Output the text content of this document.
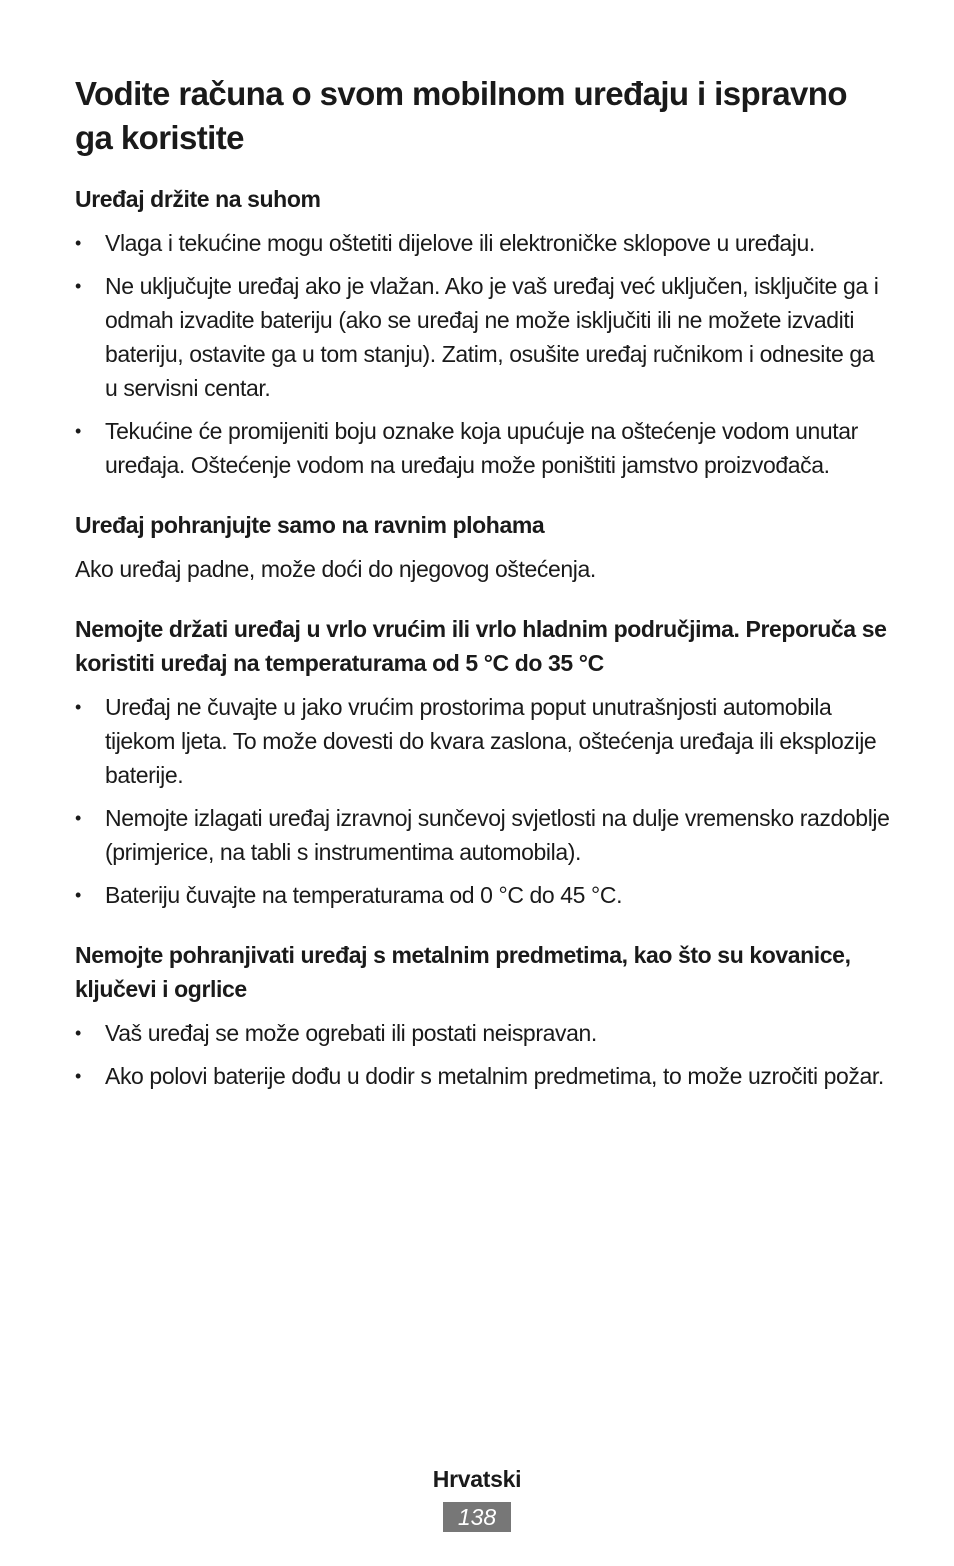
Vodite računa o svom mobilnom uređaju i ispravno ga koristite
Uređaj držite na suhom
• Vlaga i tekućine mogu oštetiti dijelove ili elektroničke sklopove u uređaju.
• Ne uključujte uređaj ako je vlažan. Ako je vaš uređaj već uključen, isključite ga i odmah izvadite bateriju (ako se uređaj ne može isključiti ili ne možete izvaditi bateriju, ostavite ga u tom stanju). Zatim, osušite uređaj ručnikom i odnesite ga u servisni centar.
• Tekućine će promijeniti boju oznake koja upućuje na oštećenje vodom unutar uređaja. Oštećenje vodom na uređaju može poništiti jamstvo proizvođača.
Uređaj pohranjujte samo na ravnim plohama

Ako uređaj padne, može doći do njegovog oštećenja.

Nemojte držati uređaj u vrlo vrućim ili vrlo hladnim područjima. Preporuča se koristiti uređaj na temperaturama od 5 °C do 35 °C
• Uređaj ne čuvajte u jako vrućim prostorima poput unutrašnjosti automobila tijekom ljeta. To može dovesti do kvara zaslona, oštećenja uređaja ili eksplozije baterije.
• Nemojte izlagati uređaj izravnoj sunčevoj svjetlosti na dulje vremensko razdoblje (primjerice, na tabli s instrumentima automobila).
• Bateriju čuvajte na temperaturama od 0 °C do 45 °C.
Nemojte pohranjivati uređaj s metalnim predmetima, kao što su kovanice, ključevi i ogrlice
• Vaš uređaj se može ogrebati ili postati neispravan.
• Ako polovi baterije dođu u dodir s metalnim predmetima, to može uzročiti požar.
Hrvatski
138
